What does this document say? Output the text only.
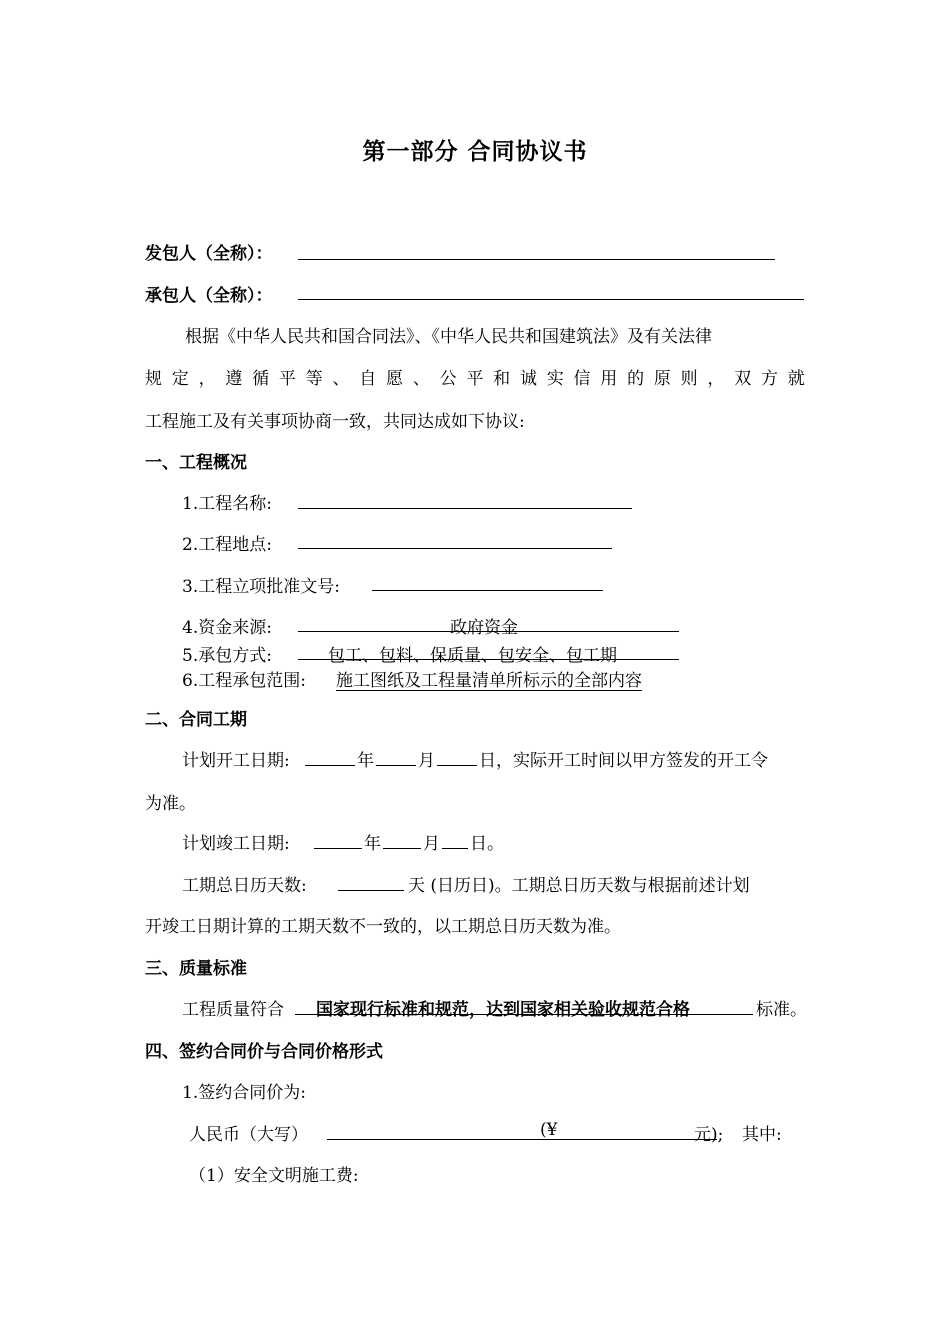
第一部分 合同协议书
发包人（全称）：
承包人（全称）：
根据《中华人民共和国合同法》、《中华人民共和国建筑法》及有关法律
规 定 ， 遵 循 平 等 、 自 愿 、 公 平 和 诚 实 信 用 的 原 则 ， 双 方 就
工程施工及有关事项协商一致，共同达成如下协议:
一、工程概况
1.工程名称:
2.工程地点:
3.工程立项批准文号:
4.资金来源:	政府资金
5.承包方式:	包工、包料、保质量、包安全、包工期
6.工程承包范围: 施工图纸及工程量清单所标示的全部内容
二、合同工期
计划开工日期:	年	月	日，实际开工时间以甲方签发的开工令
为准。
计划竣工日期:	年 月 日。
工期总日历天数:	天 (日历日)。工期总日历天数与根据前述计划
开竣工日期计算的工期天数不一致的，以工期总日历天数为准。
三、质量标准
工程质量符合 国家现行标准和规范，达到国家相关验收规范合格	标准。
四、签约合同价与合同价格形式
1.签约合同价为:
人民币（大写）	(¥	元); 其中:
（1）安全文明施工费:
